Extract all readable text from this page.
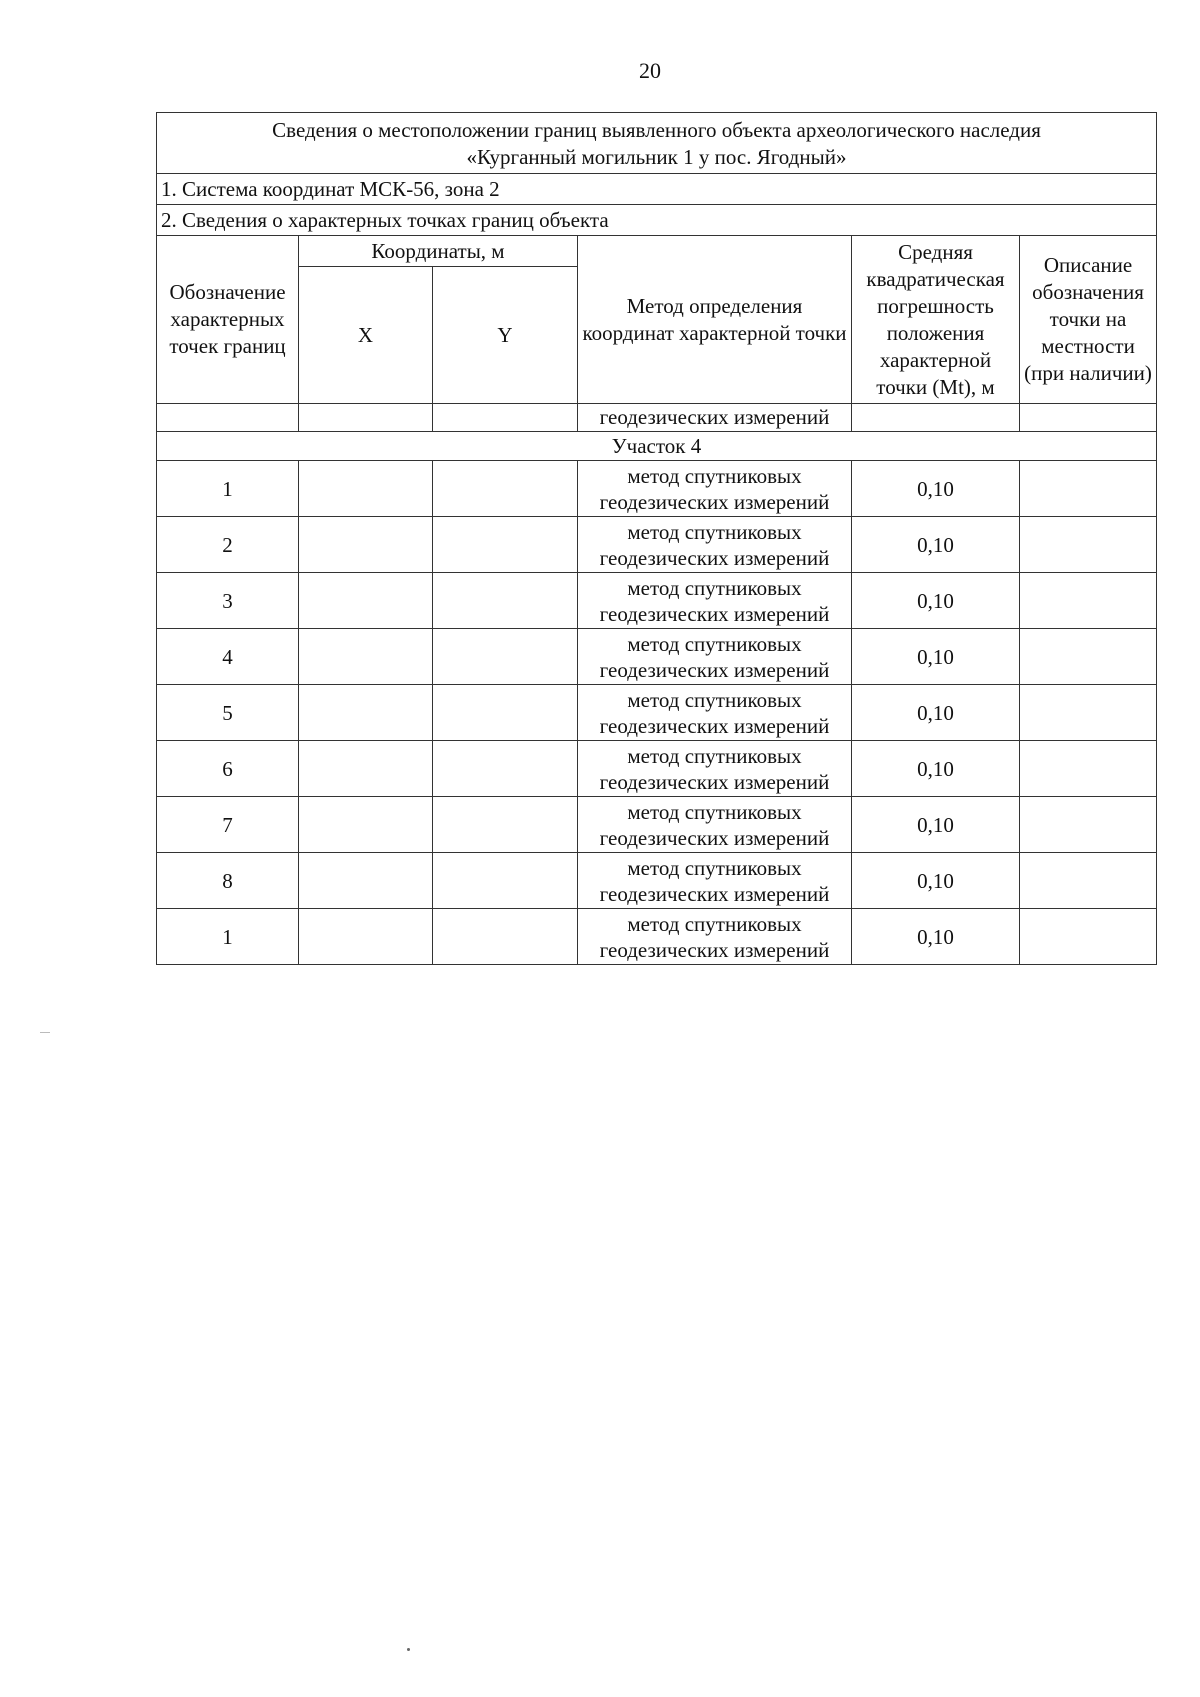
20
Сведения о местоположении границ выявленного объекта археологического наследия
«Курганный могильник 1 у пос. Ягодный»					

1. Система координат МСК-56, зона 2					
2. Сведения о характерных точках границ объекта					
Обозначение характерных точек границ	Координаты, м		Метод определения координат характерной точки	Средняя квадратическая погрешность положения характерной точки (Mt), м	Описание обозначения точки на местности (при наличии)
	X	Y			
			геодезических измерений		
Участок 4					
1			метод спутниковых
геодезических измерений	0,10	
2			метод спутниковых
геодезических измерений	0,10	
3			метод спутниковых
геодезических измерений	0,10	
4			метод спутниковых
геодезических измерений	0,10	
5			метод спутниковых
геодезических измерений	0,10	
6			метод спутниковых
геодезических измерений	0,10	
7			метод спутниковых
геодезических измерений	0,10	
8			метод спутниковых
геодезических измерений	0,10	
1			метод спутниковых
геодезических измерений	0,10	
